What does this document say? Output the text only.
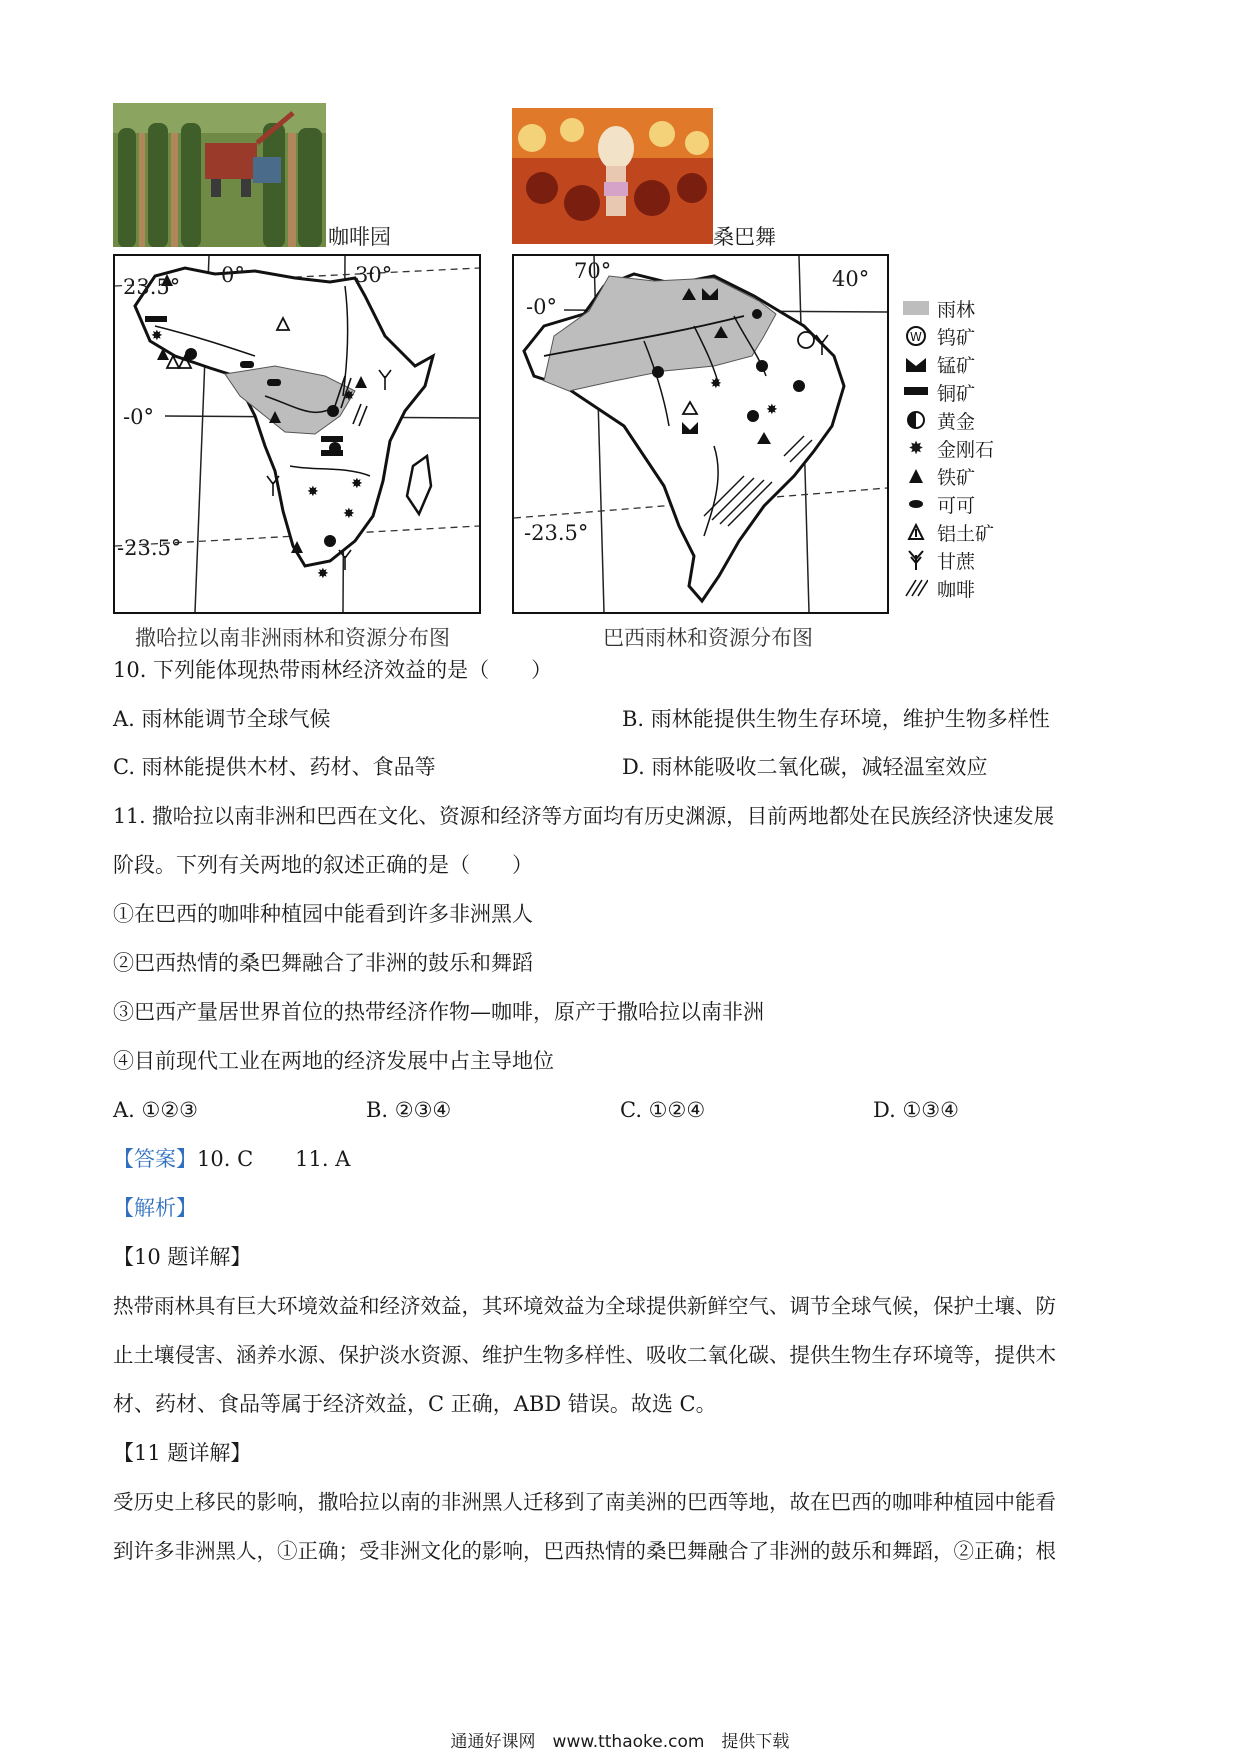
咖啡园	桑巴舞
✸
✸
✸
✸
✸
✸
23.5° 0°	30°
-0°
-23.5°
撒哈拉以南非洲雨林和资源分布图
✸
✸
70°	40°
-0°
-23.5°
巴西雨林和资源分布图
雨林
W 钨矿
锰矿
铜矿
黄金
✸ 金刚石
铁矿
可可
铝土矿
甘蔗
咖啡
10. 下列能体现热带雨林经济效益的是（　　）
A. 雨林能调节全球气候	B. 雨林能提供生物生存环境，维护生物多样性
C. 雨林能提供木材、药材、食品等	D. 雨林能吸收二氧化碳，减轻温室效应
11. 撒哈拉以南非洲和巴西在文化、资源和经济等方面均有历史渊源，目前两地都处在民族经济快速发展
阶段。下列有关两地的叙述正确的是（　　）
①在巴西的咖啡种植园中能看到许多非洲黑人
②巴西热情的桑巴舞融合了非洲的鼓乐和舞蹈
③巴西产量居世界首位的热带经济作物—咖啡，原产于撒哈拉以南非洲
④目前现代工业在两地的经济发展中占主导地位
A. ①②③	B. ②③④	C. ①②④	D. ①③④
【答案】10. C　　11. A
【解析】
【10 题详解】
热带雨林具有巨大环境效益和经济效益，其环境效益为全球提供新鲜空气、调节全球气候，保护土壤、防
止土壤侵害、涵养水源、保护淡水资源、维护生物多样性、吸收二氧化碳、提供生物生存环境等，提供木
材、药材、食品等属于经济效益，C 正确，ABD 错误。故选 C。
【11 题详解】
受历史上移民的影响，撒哈拉以南的非洲黑人迁移到了南美洲的巴西等地，故在巴西的咖啡种植园中能看
到许多非洲黑人，①正确；受非洲文化的影响，巴西热情的桑巴舞融合了非洲的鼓乐和舞蹈，②正确；根
通通好课网　www.tthaoke.com　提供下载
